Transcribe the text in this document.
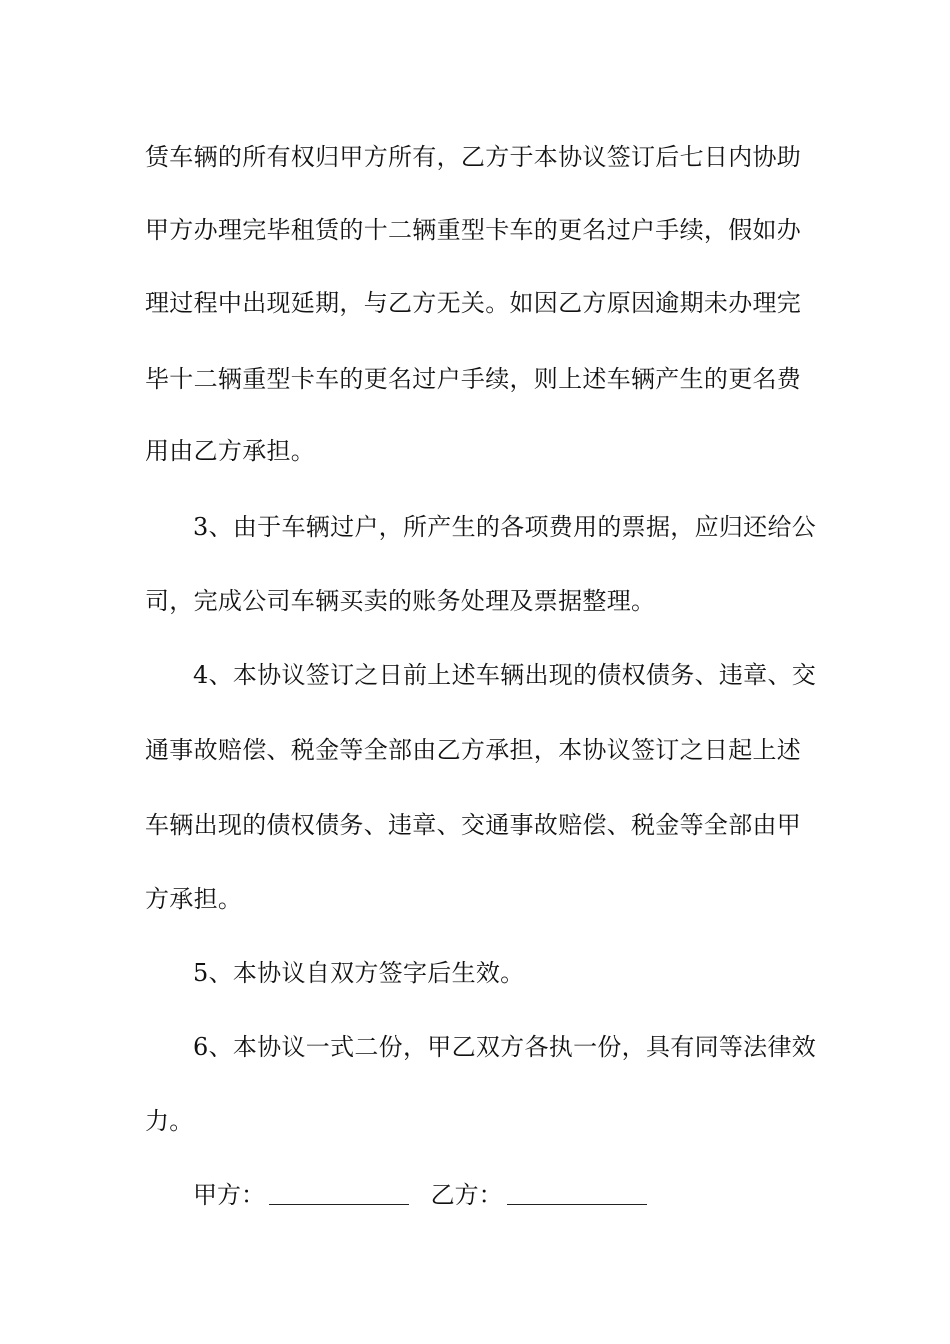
赁车辆的所有权归甲方所有，乙方于本协议签订后七日内协助
甲方办理完毕租赁的十二辆重型卡车的更名过户手续，假如办
理过程中出现延期，与乙方无关。如因乙方原因逾期未办理完
毕十二辆重型卡车的更名过户手续，则上述车辆产生的更名费
用由乙方承担。
3、由于车辆过户，所产生的各项费用的票据，应归还给公
司，完成公司车辆买卖的账务处理及票据整理。
4、本协议签订之日前上述车辆出现的债权债务、违章、交
通事故赔偿、税金等全部由乙方承担，本协议签订之日起上述
车辆出现的债权债务、违章、交通事故赔偿、税金等全部由甲
方承担。
5、本协议自双方签字后生效。
6、本协议一式二份，甲乙双方各执一份，具有同等法律效
力。
甲方：	乙方：
